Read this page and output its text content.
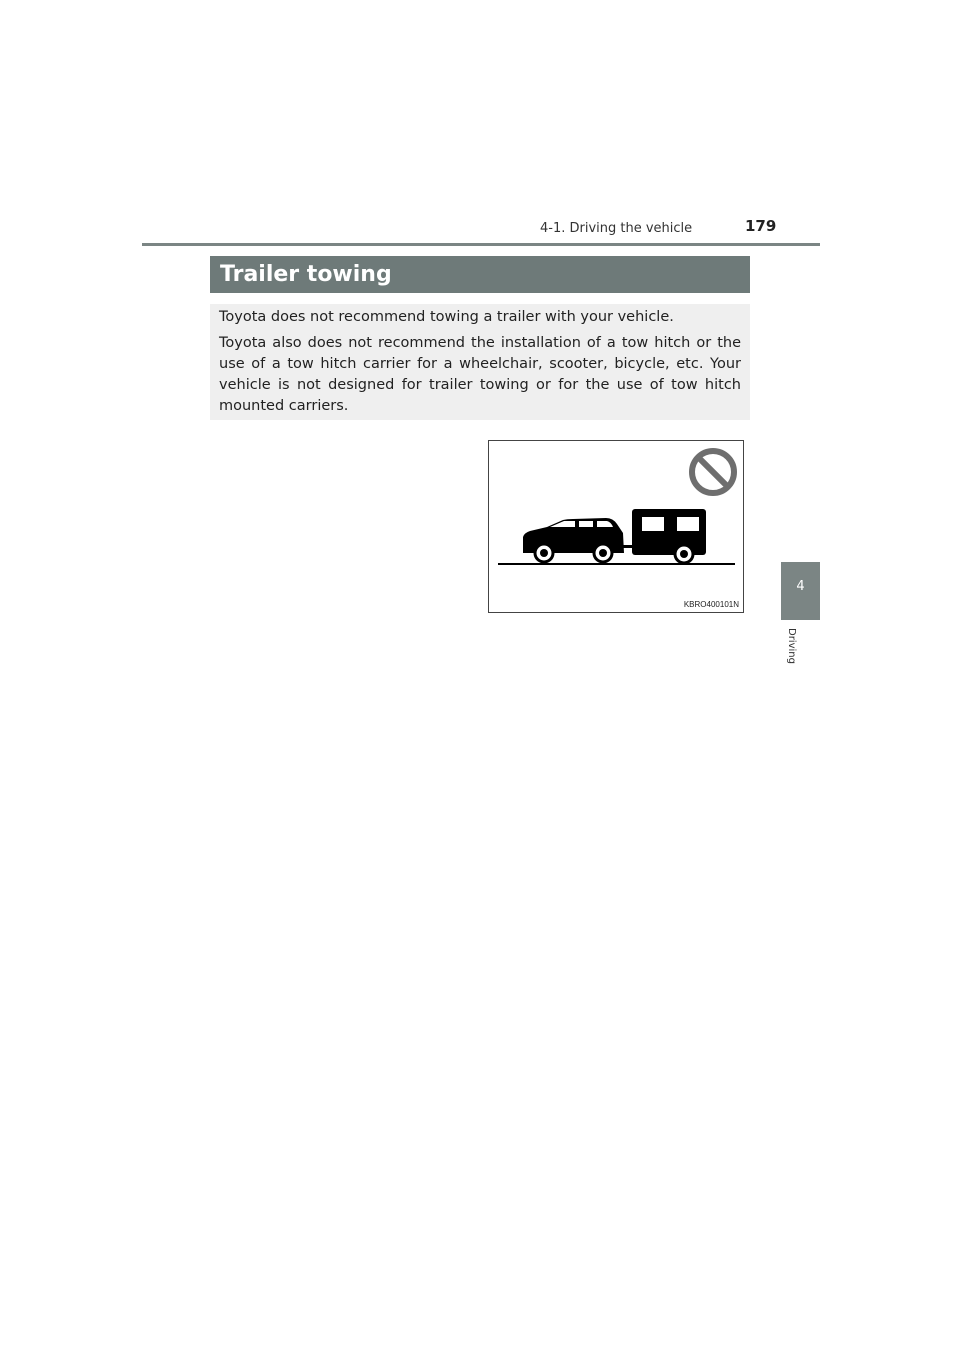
179
4-1. Driving the vehicle
4
Driving
Trailer towing

Toyota does not recommend towing a trailer with your vehicle.

Toyota also does not recommend the installation of a tow hitch or the use of a tow hitch carrier for a wheelchair, scooter, bicycle, etc. Your vehicle is not designed for trailer towing or for the use of tow hitch mounted carriers.

KBRO400101N
